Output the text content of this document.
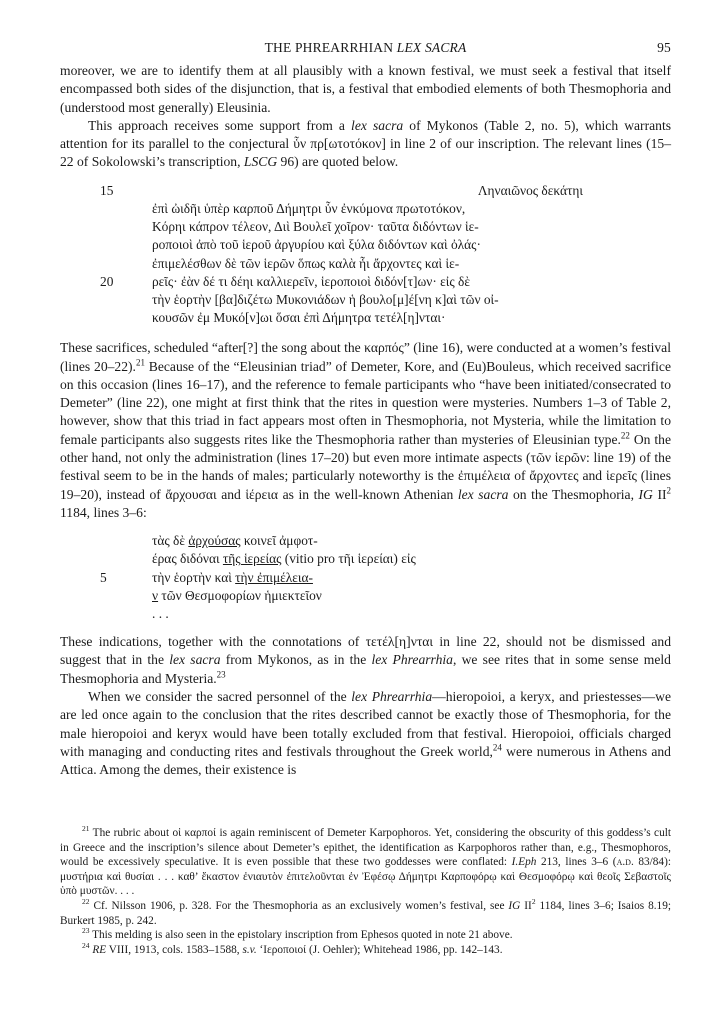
THE PHREARRHIAN LEX SACRA	95

moreover, we are to identify them at all plausibly with a known festival, we must seek a festival that itself encompassed both sides of the disjunction, that is, a festival that embodied elements of both Thesmophoria and (understood most generally) Eleusinia.

This approach receives some support from a lex sacra of Mykonos (Table 2, no. 5), which warrants attention for its parallel to the conjectural ὗν πρ[ωτοτόκον] in line 2 of our inscription. The relevant lines (15–22 of Sokolowski’s transcription, LSCG 96) are quoted below.

15	Ληναιῶνος δεκάτηι
ἐπὶ ὠιδῆι ὑπὲρ καρποῦ Δήμητρι ὗν ἐνκύμονα πρωτοτόκον,
Κόρηι κάπρον τέλεον, Διὶ Βουλεῖ χοῖρον· ταῦτα διδόντων ἱε-
ροποιοὶ ἀπὸ τοῦ ἱεροῦ ἀργυρίου καὶ ξύλα διδόντων καὶ ὀλάς·
ἐπιμελέσθων δὲ τῶν ἱερῶν ὅπως καλὰ ἦι ἄρχοντες καὶ ἱε-
20	ρεῖς· ἐὰν δέ τι δέηι καλλιερεῖν, ἱεροποιοὶ διδόν[τ]ων· εἰς δὲ
τὴν ἑορτὴν [βα]διζέτω Μυκονιάδων ἡ βουλο[μ]έ[νη κ]αὶ τῶν οἰ-
κουσῶν ἐμ Μυκό[ν]ωι ὅσαι ἐπὶ Δήμητρα τετέλ[η]νται·

These sacrifices, scheduled “after[?] the song about the καρπός” (line 16), were conducted at a women’s festival (lines 20–22).$^{21}$ Because of the “Eleusinian triad” of Demeter, Kore, and (Eu)Bouleus, which received sacrifice on this occasion (lines 16–17), and the reference to female participants who “have been initiated/consecrated to Demeter” (line 22), one might at first think that the rites in question were mysteries. Numbers 1–3 of Table 2, however, show that this triad in fact appears most often in Thesmophoria, not Mysteria, while the limitation to female participants also suggests rites like the Thesmophoria rather than mysteries of Eleusinian type.$^{22}$ On the other hand, not only the administration (lines 17–20) but even more intimate aspects (τῶν ἱερῶν: line 19) of the festival seem to be in the hands of males; particularly noteworthy is the ἐπιμέλεια of ἄρχοντες and ἱερεῖς (lines 19–20), instead of ἄρχουσαι and ἱέρεια as in the well-known Athenian lex sacra on the Thesmophoria, IG $II^2$ 1184, lines 3–6:

τὰς δὲ ἀρχούσας κοινεῖ ἀμφοτ-
έρας διδόναι τῆς ἱερείας (vitio pro τῆι ἱερείαι) εἰς
5	τὴν ἑορτὴν καὶ τὴν ἐπιμέλεια-
ν τῶν Θεσμοφορίων ἡμιεκτεῖον
. . .

These indications, together with the connotations of τετέλ[η]νται in line 22, should not be dismissed and suggest that in the lex sacra from Mykonos, as in the lex Phrearrhia, we see rites that in some sense meld Thesmophoria and Mysteria.$^{23}$

When we consider the sacred personnel of the lex Phrearrhia—hieropoioi, a keryx, and priestesses—we are led once again to the conclusion that the rites described cannot be exactly those of Thesmophoria, for the male hieropoioi and keryx would have been totally excluded from that festival. Hieropoioi, officials charged with managing and conducting rites and festivals throughout the Greek world,$^{24}$ were numerous in Athens and Attica. Among the demes, their existence is

$^{21}$ The rubric about οἱ καρποί is again reminiscent of Demeter Karpophoros. Yet, considering the obscurity of this goddess’s cult in Greece and the inscription’s silence about Demeter’s epithet, the identification as Karpophoros rather than, e.g., Thesmophoros, would be excessively speculative. It is even possible that these two goddesses were conflated: I.Eph 213, lines 3–6 (a.d. 83/84): μυστήρια καὶ θυσίαι . . . καθ’ ἕκαστον ἐνιαυτὸν ἐπιτελοῦνται ἐν Ἐφέσῳ Δήμητρι Καρποφόρῳ καὶ Θεσμοφόρῳ καὶ θεοῖς Σεβαστοῖς ὑπὸ μυστῶν. . . .

$^{22}$ Cf. Nilsson 1906, p. 328. For the Thesmophoria as an exclusively women’s festival, see IG $II^2$ 1184, lines 3–6; Isaios 8.19; Burkert 1985, p. 242.

$^{23}$ This melding is also seen in the epistolary inscription from Ephesos quoted in note 21 above.

$^{24}$ RE VIII, 1913, cols. 1583–1588, s.v. ‘Ιεροποιοί (J. Oehler); Whitehead 1986, pp. 142–143.
